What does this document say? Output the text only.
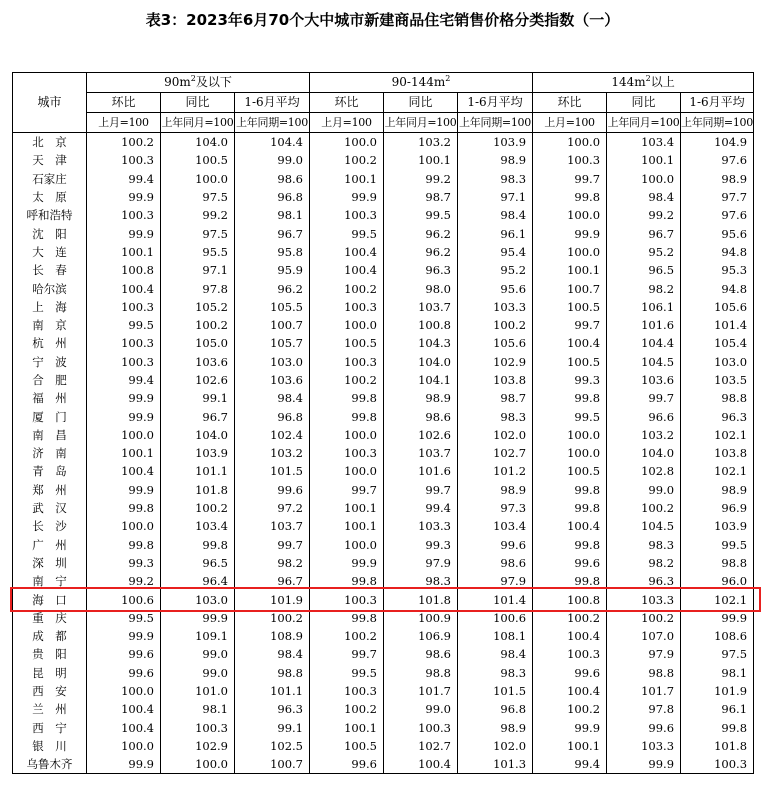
表3：2023年6月70个大中城市新建商品住宅销售价格分类指数（一）
城市	$90m^2$及以下			$90-144m^2$			$144m^2$以上		
	环比	同比	1-6月平均	环比	同比	1-6月平均	环比	同比	1-6月平均
	上月=100	上年同月=100	上年同期=100	上月=100	上年同月=100	上年同期=100	上月=100	上年同月=100	上年同期=100
北　京	100.2	104.0	104.4	100.0	103.2	103.9	100.0	103.4	104.9
天　津	100.3	100.5	99.0	100.2	100.1	98.9	100.3	100.1	97.6
石家庄	99.4	100.0	98.6	100.1	99.2	98.3	99.7	100.0	98.9
太　原	99.9	97.5	96.8	99.9	98.7	97.1	99.8	98.4	97.7
呼和浩特	100.3	99.2	98.1	100.3	99.5	98.4	100.0	99.2	97.6
沈　阳	99.9	97.5	96.7	99.5	96.2	96.1	99.9	96.7	95.6
大　连	100.1	95.5	95.8	100.4	96.2	95.4	100.0	95.2	94.8
长　春	100.8	97.1	95.9	100.4	96.3	95.2	100.1	96.5	95.3
哈尔滨	100.4	97.8	96.2	100.2	98.0	95.6	100.7	98.2	94.8
上　海	100.3	105.2	105.5	100.3	103.7	103.3	100.5	106.1	105.6
南　京	99.5	100.2	100.7	100.0	100.8	100.2	99.7	101.6	101.4
杭　州	100.3	105.0	105.7	100.5	104.3	105.6	100.4	104.4	105.4
宁　波	100.3	103.6	103.0	100.3	104.0	102.9	100.5	104.5	103.0
合　肥	99.4	102.6	103.6	100.2	104.1	103.8	99.3	103.6	103.5
福　州	99.9	99.1	98.4	99.8	98.9	98.7	99.8	99.7	98.8
厦　门	99.9	96.7	96.8	99.8	98.6	98.3	99.5	96.6	96.3
南　昌	100.0	104.0	102.4	100.0	102.6	102.0	100.0	103.2	102.1
济　南	100.1	103.9	103.2	100.3	103.7	102.7	100.0	104.0	103.8
青　岛	100.4	101.1	101.5	100.0	101.6	101.2	100.5	102.8	102.1
郑　州	99.9	101.8	99.6	99.7	99.7	98.9	99.8	99.0	98.9
武　汉	99.8	100.2	97.2	100.1	99.4	97.3	99.8	100.2	96.9
长　沙	100.0	103.4	103.7	100.1	103.3	103.4	100.4	104.5	103.9
广　州	99.8	99.8	99.7	100.0	99.3	99.6	99.8	98.3	99.5
深　圳	99.3	96.5	98.2	99.9	97.9	98.6	99.6	98.2	98.8
南　宁	99.2	96.4	96.7	99.8	98.3	97.9	99.8	96.3	96.0
海　口	100.6	103.0	101.9	100.3	101.8	101.4	100.8	103.3	102.1
重　庆	99.5	99.9	100.2	99.8	100.9	100.6	100.2	100.2	99.9
成　都	99.9	109.1	108.9	100.2	106.9	108.1	100.4	107.0	108.6
贵　阳	99.6	99.0	98.4	99.7	98.6	98.4	100.3	97.9	97.5
昆　明	99.6	99.0	98.8	99.5	98.8	98.3	99.6	98.8	98.1
西　安	100.0	101.0	101.1	100.3	101.7	101.5	100.4	101.7	101.9
兰　州	100.4	98.1	96.3	100.2	99.0	96.8	100.2	97.8	96.1
西　宁	100.4	100.3	99.1	100.1	100.3	98.9	99.9	99.6	99.8
银　川	100.0	102.9	102.5	100.5	102.7	102.0	100.1	103.3	101.8
乌鲁木齐	99.9	100.0	100.7	99.6	100.4	101.3	99.4	99.9	100.3
